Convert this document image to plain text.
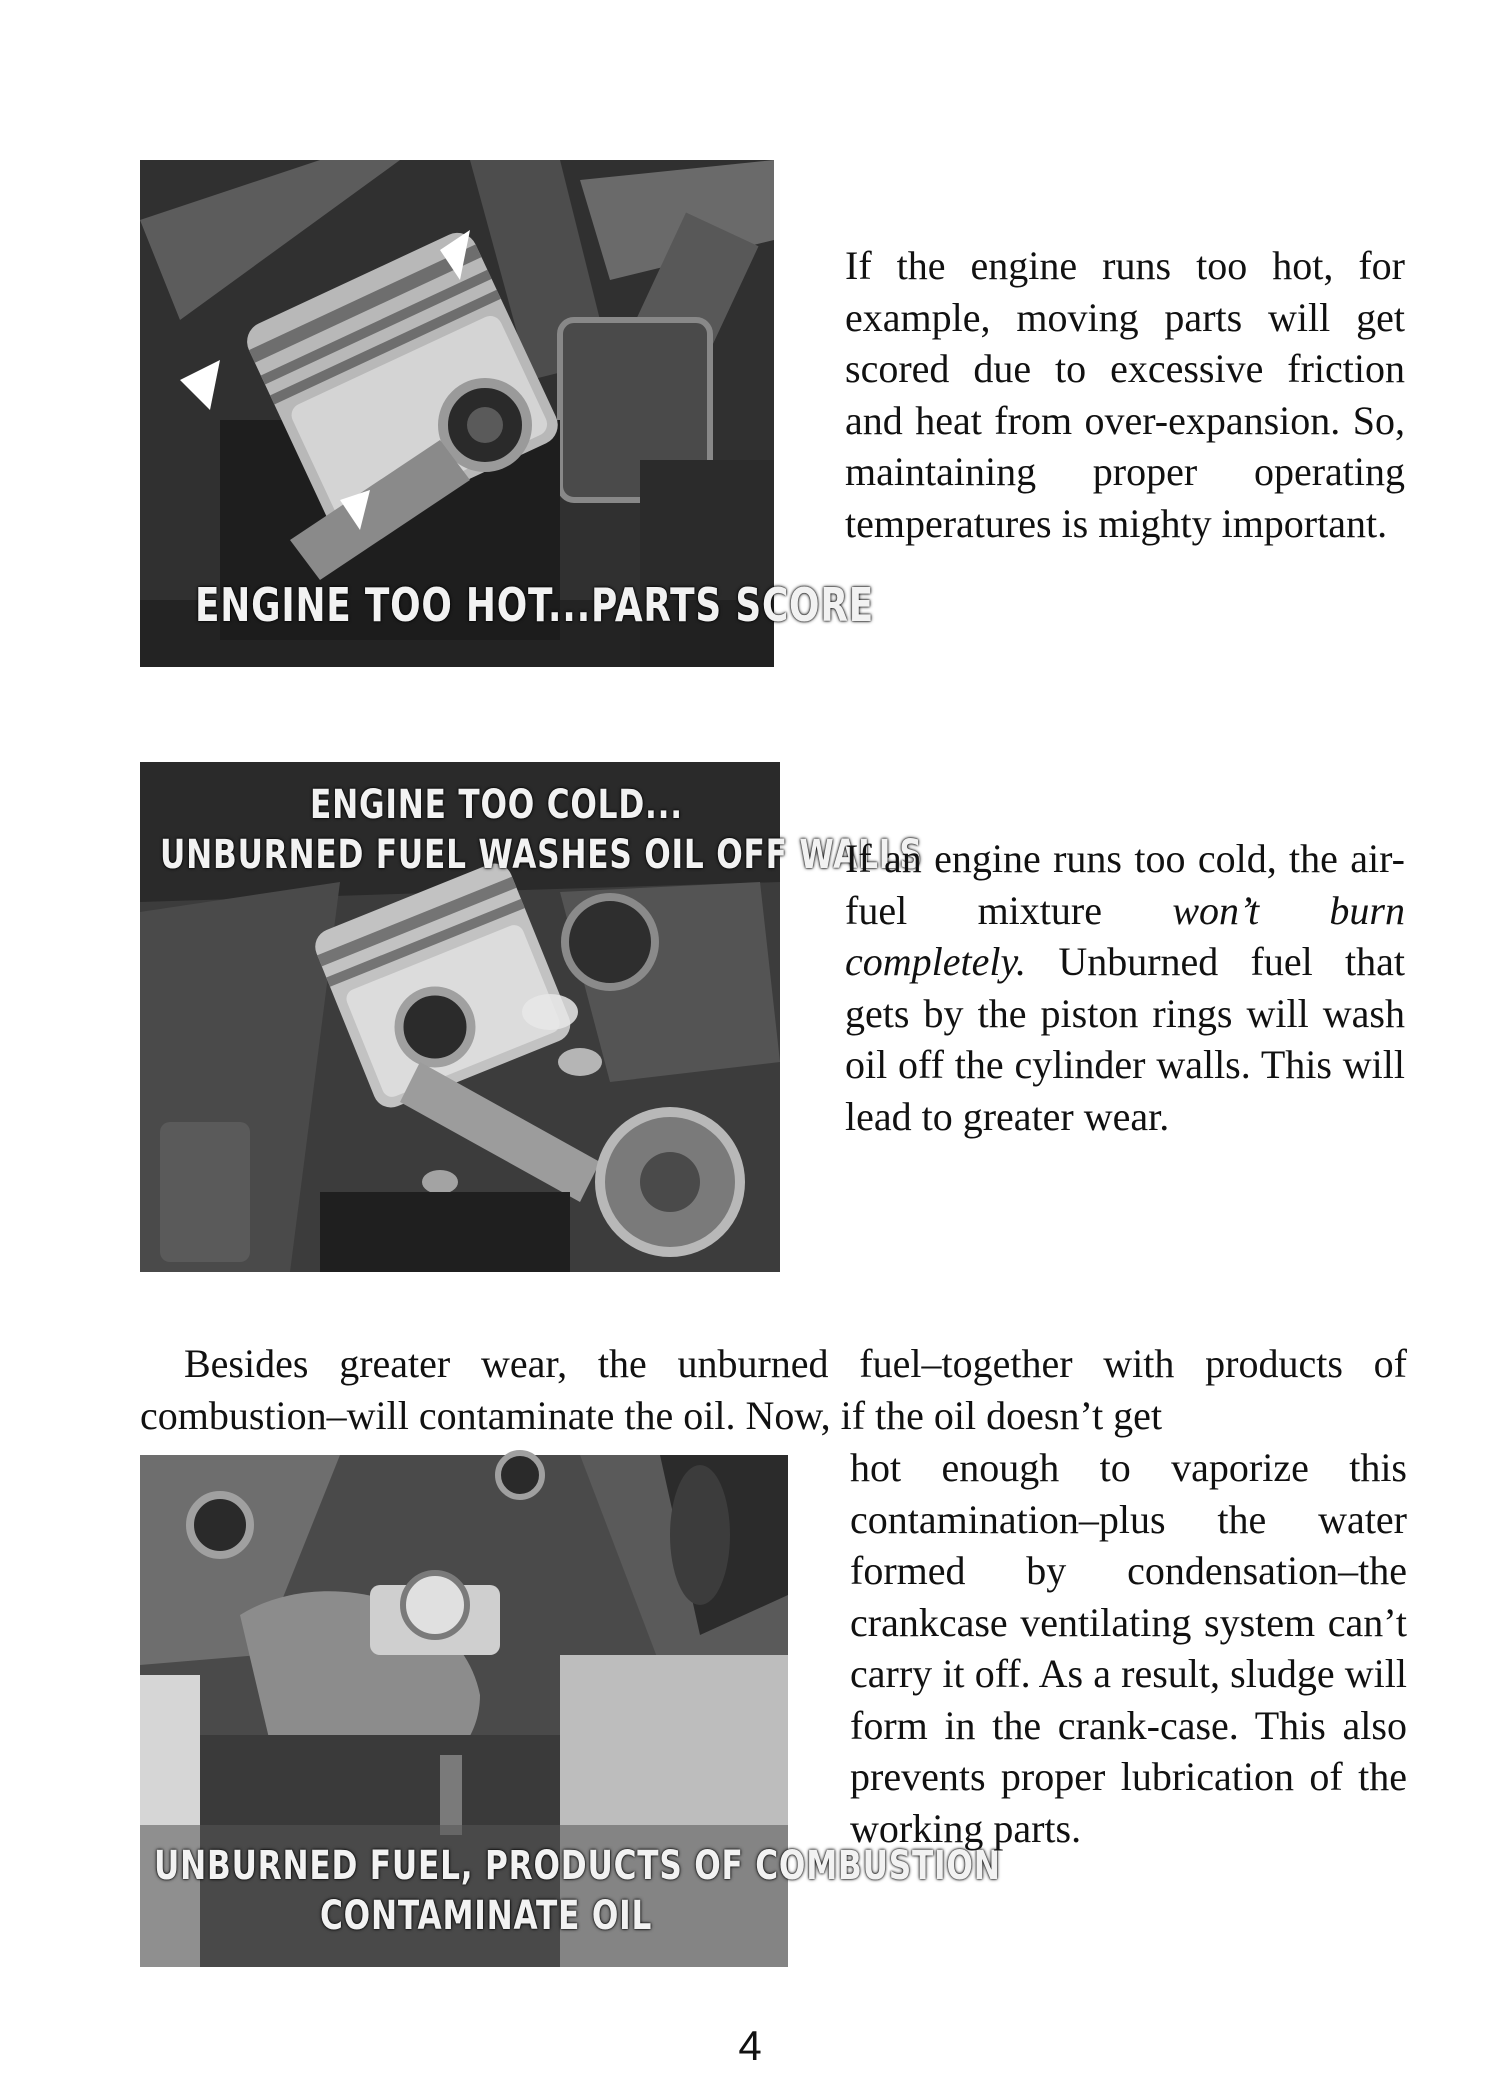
ENGINE TOO HOT...PARTS SCORE
If the engine runs too hot, for example, moving parts will get scored due to excessive friction and heat from over-expansion. So, maintaining proper operating temperatures is mighty important.
ENGINE TOO COLD...
UNBURNED FUEL WASHES OIL OFF WALLS
If an engine runs too cold, the air-fuel mixture won’t burn completely. Unburned fuel that gets by the piston rings will wash oil off the cylinder walls. This will lead to greater wear.
Besides greater wear, the unburned fuel–together with products of combustion–will contaminate the oil. Now, if the oil doesn’t get
UNBURNED FUEL, PRODUCTS OF COMBUSTION
CONTAMINATE OIL
hot enough to vaporize this contamination–plus the water formed by condensation–the crankcase ventilating system can’t carry it off. As a result, sludge will form in the crank-case. This also prevents proper lubrication of the working parts.
4
